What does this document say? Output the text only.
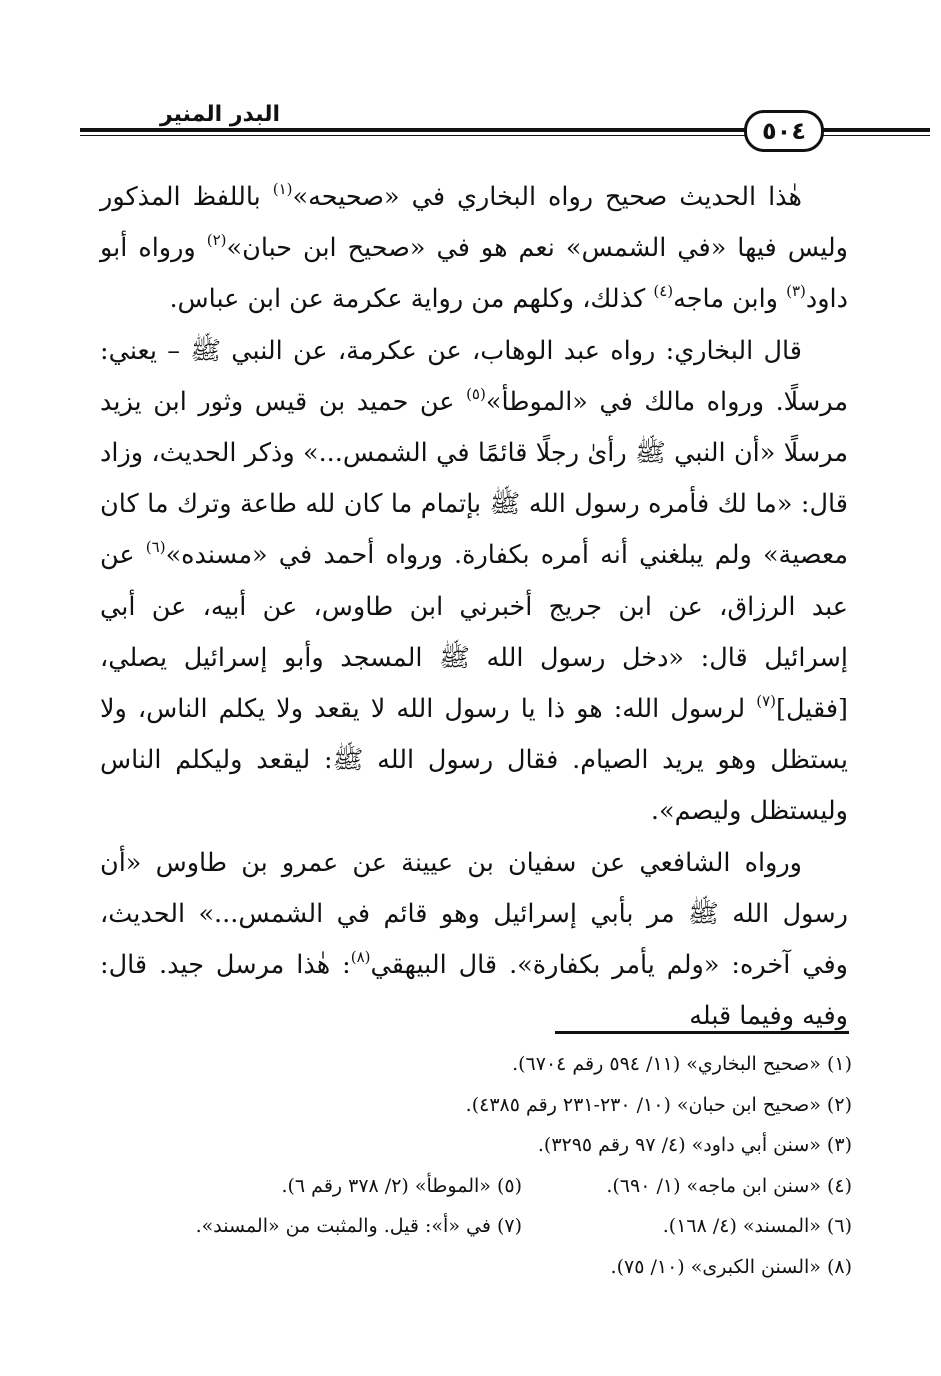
البدر المنير
٥٠٤

هٰذا الحديث صحيح رواه البخاري في «صحيحه»$^{(١)}$ باللفظ المذكور وليس فيها «في الشمس» نعم هو في «صحيح ابن حبان»$^{(٢)}$ ورواه أبو داود$^{(٣)}$ وابن ماجه$^{(٤)}$ كذلك، وكلهم من رواية عكرمة عن ابن عباس.

قال البخاري: رواه عبد الوهاب، عن عكرمة، عن النبي ﷺ – يعني: مرسلًا. ورواه مالك في «الموطأ»$^{(٥)}$ عن حميد بن قيس وثور ابن يزيد مرسلًا «أن النبي ﷺ رأىٰ رجلًا قائمًا في الشمس...» وذكر الحديث، وزاد قال: «ما لك فأمره رسول الله ﷺ بإتمام ما كان لله طاعة وترك ما كان معصية» ولم يبلغني أنه أمره بكفارة. ورواه أحمد في «مسنده»$^{(٦)}$ عن عبد الرزاق، عن ابن جريج أخبرني ابن طاوس، عن أبيه، عن أبي إسرائيل قال: «دخل رسول الله ﷺ المسجد وأبو إسرائيل يصلي، [فقيل]$^{(٧)}$ لرسول الله: هو ذا يا رسول الله لا يقعد ولا يكلم الناس، ولا يستظل وهو يريد الصيام. فقال رسول الله ﷺ: ليقعد وليكلم الناس وليستظل وليصم».

ورواه الشافعي عن سفيان بن عيينة عن عمرو بن طاوس «أن رسول الله ﷺ مر بأبي إسرائيل وهو قائم في الشمس...» الحديث، وفي آخره: «ولم يأمر بكفارة». قال البيهقي$^{(٨)}$: هٰذا مرسل جيد. قال: وفيه وفيما قبله

(١) «صحيح البخاري» (١١/ ٥٩٤ رقم ٦٧٠٤).
(٢) «صحيح ابن حبان» (١٠/ ٢٣٠-٢٣١ رقم ٤٣٨٥).
(٣) «سنن أبي داود» (٤/ ٩٧ رقم ٣٢٩٥).
(٤) «سنن ابن ماجه» (١/ ٦٩٠).
(٥) «الموطأ» (٢/ ٣٧٨ رقم ٦).
(٦) «المسند» (٤/ ١٦٨).
(٧) في «أ»: قيل. والمثبت من «المسند».
(٨) «السنن الكبرى» (١٠/ ٧٥).
